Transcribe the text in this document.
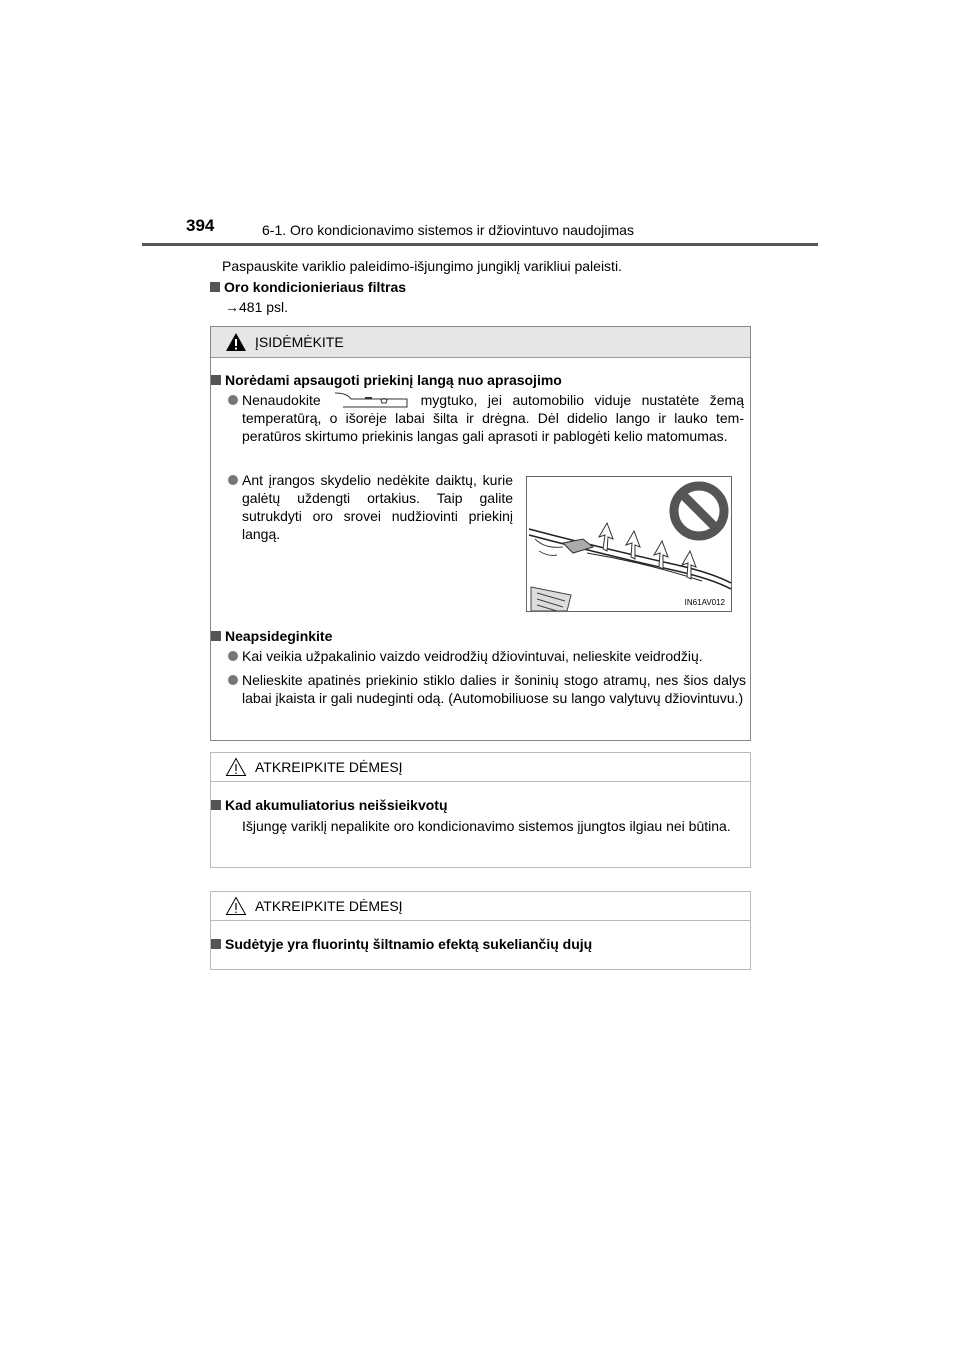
394	6-1. Oro kondicionavimo sistemos ir džiovintuvo naudojimas
Paspauskite variklio paleidimo-išjungimo jungiklį varikliui paleisti.
Oro kondicionieriaus filtras
→481 psl.
ĮSIDĖMĖKITE
Norėdami apsaugoti priekinį langą nuo aprasojimo
Nenaudokite	mygtuko, jei automobilio viduje nustatėte žemą
temperatūrą, o išorėje labai šilta ir drėgna. Dėl didelio lango ir lauko temperatūros skirtumo priekinis langas gali aprasoti ir pablogėti kelio matomumas.
Ant įrangos skydelio nedėkite daiktų, kurie galėtų uždengti ortakius. Taip galite sutrukdyti oro srovei nudžiovinti priekinį langą.
Neapsideginkite
Kai veikia užpakalinio vaizdo veidrodžių džiovintuvai, nelieskite veidrodžių.
Nelieskite apatinės priekinio stiklo dalies ir šoninių stogo atramų, nes šios dalys labai įkaista ir gali nudeginti odą. (Automobiliuose su lango valytuvų džiovintuvu.)
IN61AV012
ATKREIPKITE DĖMESĮ
Kad akumuliatorius neišsieikvotų
Išjungę variklį nepalikite oro kondicionavimo sistemos įjungtos ilgiau nei būtina.
ATKREIPKITE DĖMESĮ
Sudėtyje yra fluorintų šiltnamio efektą sukeliančių dujų
